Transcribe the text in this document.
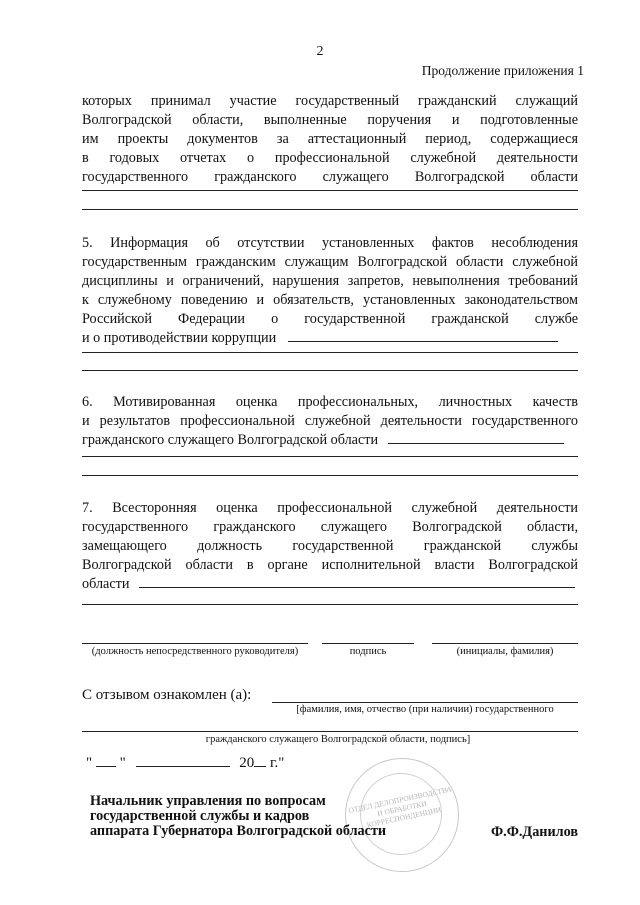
2
Продолжение приложения 1
которых принимал участие государственный гражданский служащий
Волгоградской области, выполненные поручения и подготовленные
им проекты документов за аттестационный период, содержащиеся
в годовых отчетах о профессиональной служебной деятельности
государственного гражданского служащего Волгоградской области
5. Информация об отсутствии установленных фактов несоблюдения
государственным гражданским служащим Волгоградской области служебной
дисциплины и ограничений, нарушения запретов, невыполнения требований
к служебному поведению и обязательств, установленных законодательством
Российской Федерации о государственной гражданской службе
и о противодействии коррупции
6. Мотивированная оценка профессиональных, личностных качеств
и результатов профессиональной служебной деятельности государственного
гражданского служащего Волгоградской области
7. Всесторонняя оценка профессиональной служебной деятельности
государственного гражданского служащего Волгоградской области,
замещающего должность государственной гражданской службы
Волгоградской области в органе исполнительной власти Волгоградской
области
(должность непосредственного руководителя)	подпись	(инициалы, фамилия)
С отзывом ознакомлен (а):
[фамилия, имя, отчество (при наличии) государственного
гражданского служащего Волгоградской области, подпись]
" "	20 г."
ОТДЕЛ ДЕЛОПРОИЗВОДСТВА И ОБРАБОТКИ КОРРЕСПОНДЕНЦИИ
Начальник управления по вопросам
государственной службы и кадров
аппарата Губернатора Волгоградской области	Ф.Ф.Данилов
